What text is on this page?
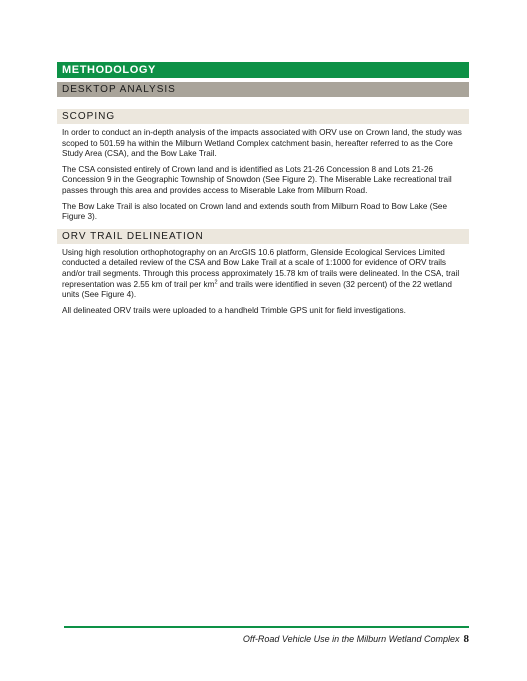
METHODOLOGY
DESKTOP ANALYSIS
SCOPING

In order to conduct an in-depth analysis of the impacts associated with ORV use on Crown land, the study was scoped to 501.59 ha within the Milburn Wetland Complex catchment basin, hereafter referred to as the Core Study Area (CSA), and the Bow Lake Trail.

The CSA consisted entirely of Crown land and is identified as Lots 21-26 Concession 8 and Lots 21-26 Concession 9 in the Geographic Township of Snowdon (See Figure 2). The Miserable Lake recreational trail passes through this area and provides access to Miserable Lake from Milburn Road.

The Bow Lake Trail is also located on Crown land and extends south from Milburn Road to Bow Lake (See Figure 3).

ORV TRAIL DELINEATION

Using high resolution orthophotography on an ArcGIS 10.6 platform, Glenside Ecological Services Limited conducted a detailed review of the CSA and Bow Lake Trail at a scale of 1:1000 for evidence of ORV trails and/or trail segments. Through this process approximately 15.78 km of trails were delineated. In the CSA, trail representation was 2.55 km of trail per $km^2$ and trails were identified in seven (32 percent) of the 22 wetland units (See Figure 4).

All delineated ORV trails were uploaded to a handheld Trimble GPS unit for field investigations.

Off-Road Vehicle Use in the Milburn Wetland Complex 8
